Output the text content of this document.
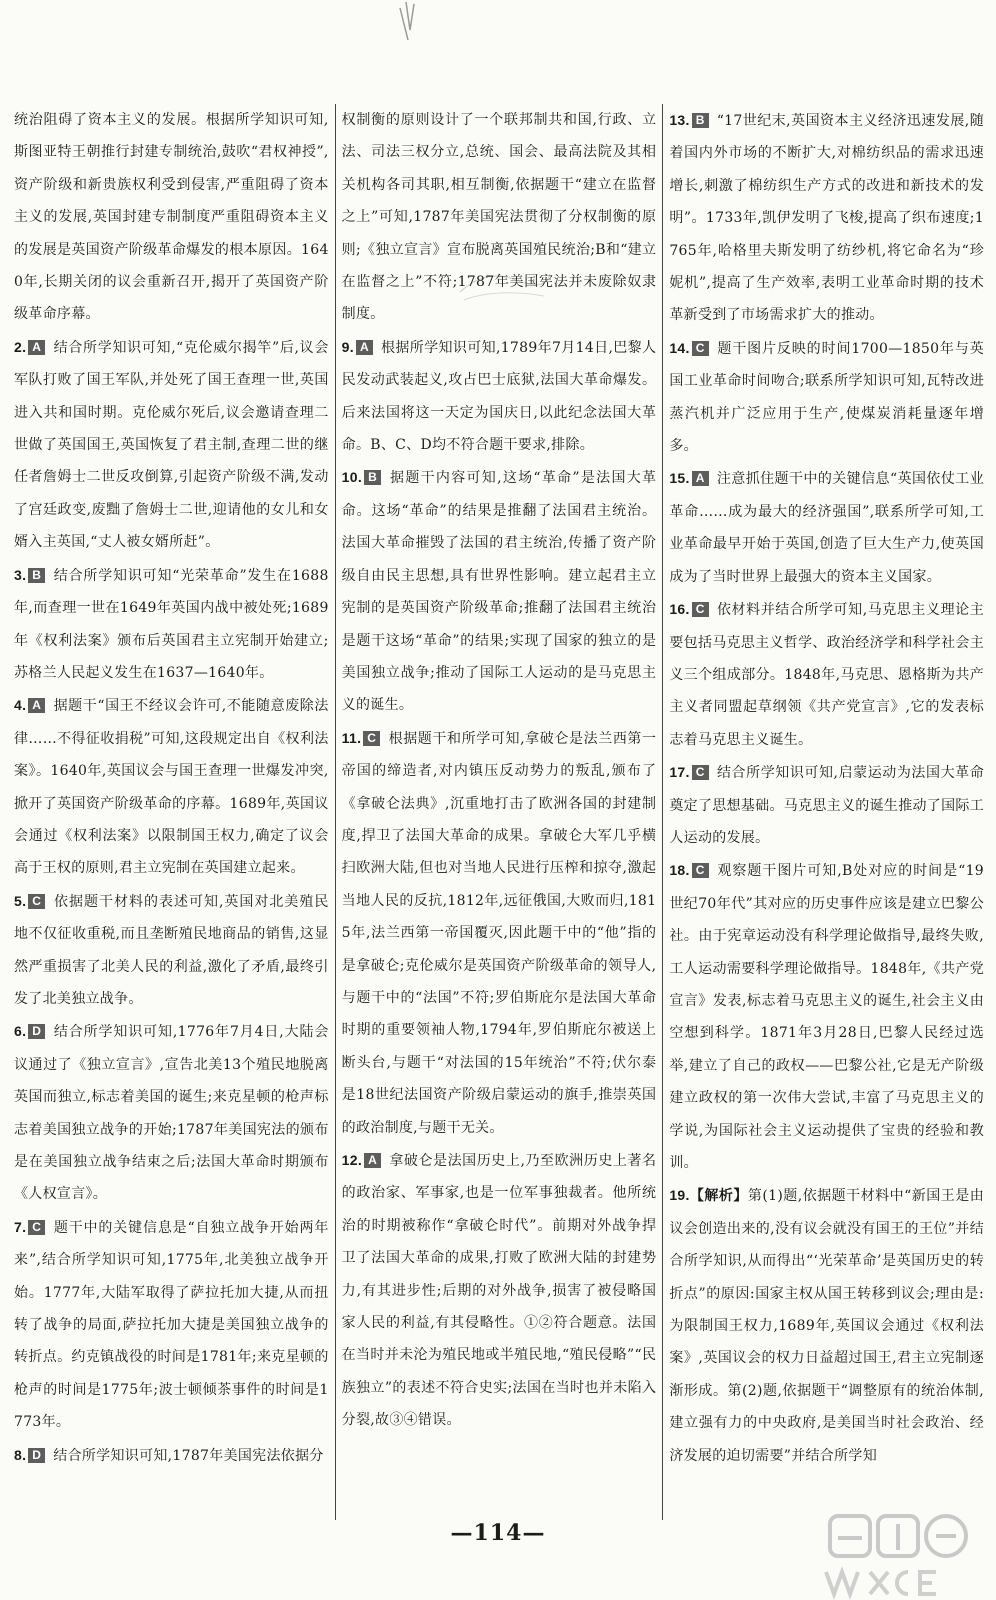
统治阻碍了资本主义的发展。根据所学知识可知,斯图亚特王朝推行封建专制统治,鼓吹“君权神授”,资产阶级和新贵族权利受到侵害,严重阻碍了资本主义的发展,英国封建专制制度严重阻碍资本主义的发展是英国资产阶级革命爆发的根本原因。1640年,长期关闭的议会重新召开,揭开了英国资产阶级革命序幕。
2. A 结合所学知识可知,“克伦威尔揭竿”后,议会军队打败了国王军队,并处死了国王查理一世,英国进入共和国时期。克伦威尔死后,议会邀请查理二世做了英国国王,英国恢复了君主制,查理二世的继任者詹姆士二世反攻倒算,引起资产阶级不满,发动了宫廷政变,废黜了詹姆士二世,迎请他的女儿和女婿入主英国,“丈人被女婿所赶”。
3. B 结合所学知识可知“光荣革命”发生在1688年,而查理一世在1649年英国内战中被处死;1689年《权利法案》颁布后英国君主立宪制开始建立;苏格兰人民起义发生在1637—1640年。
4. A 据题干“国王不经议会许可,不能随意废除法律……不得征收捐税”可知,这段规定出自《权利法案》。1640年,英国议会与国王查理一世爆发冲突,掀开了英国资产阶级革命的序幕。1689年,英国议会通过《权利法案》以限制国王权力,确定了议会高于王权的原则,君主立宪制在英国建立起来。
5. C 依据题干材料的表述可知,英国对北美殖民地不仅征收重税,而且垄断殖民地商品的销售,这显然严重损害了北美人民的利益,激化了矛盾,最终引发了北美独立战争。
6. D 结合所学知识可知,1776年7月4日,大陆会议通过了《独立宣言》,宣告北美13个殖民地脱离英国而独立,标志着美国的诞生;来克星顿的枪声标志着美国独立战争的开始;1787年美国宪法的颁布是在美国独立战争结束之后;法国大革命时期颁布《人权宣言》。
7. C 题干中的关键信息是“自独立战争开始两年来”,结合所学知识可知,1775年,北美独立战争开始。1777年,大陆军取得了萨拉托加大捷,从而扭转了战争的局面,萨拉托加大捷是美国独立战争的转折点。约克镇战役的时间是1781年;来克星顿的枪声的时间是1775年;波士顿倾茶事件的时间是1773年。
8. D 结合所学知识可知,1787年美国宪法依据分
权制衡的原则设计了一个联邦制共和国,行政、立法、司法三权分立,总统、国会、最高法院及其相关机构各司其职,相互制衡,依据题干“建立在监督之上”可知,1787年美国宪法贯彻了分权制衡的原则;《独立宣言》宣布脱离英国殖民统治;B和“建立在监督之上”不符;1787年美国宪法并未废除奴隶制度。
9. A 根据所学知识可知,1789年7月14日,巴黎人民发动武装起义,攻占巴士底狱,法国大革命爆发。后来法国将这一天定为国庆日,以此纪念法国大革命。B、C、D均不符合题干要求,排除。
10. B 据题干内容可知,这场“革命”是法国大革命。这场“革命”的结果是推翻了法国君主统治。法国大革命摧毁了法国的君主统治,传播了资产阶级自由民主思想,具有世界性影响。建立起君主立宪制的是英国资产阶级革命;推翻了法国君主统治是题干这场“革命”的结果;实现了国家的独立的是美国独立战争;推动了国际工人运动的是马克思主义的诞生。
11. C 根据题干和所学可知,拿破仑是法兰西第一帝国的缔造者,对内镇压反动势力的叛乱,颁布了《拿破仑法典》,沉重地打击了欧洲各国的封建制度,捍卫了法国大革命的成果。拿破仑大军几乎横扫欧洲大陆,但也对当地人民进行压榨和掠夺,激起当地人民的反抗,1812年,远征俄国,大败而归,1815年,法兰西第一帝国覆灭,因此题干中的“他”指的是拿破仑;克伦威尔是英国资产阶级革命的领导人,与题干中的“法国”不符;罗伯斯庇尔是法国大革命时期的重要领袖人物,1794年,罗伯斯庇尔被送上断头台,与题干“对法国的15年统治”不符;伏尔泰是18世纪法国资产阶级启蒙运动的旗手,推崇英国的政治制度,与题干无关。
12. A 拿破仑是法国历史上,乃至欧洲历史上著名的政治家、军事家,也是一位军事独裁者。他所统治的时期被称作“拿破仑时代”。前期对外战争捍卫了法国大革命的成果,打败了欧洲大陆的封建势力,有其进步性;后期的对外战争,损害了被侵略国家人民的利益,有其侵略性。①②符合题意。法国在当时并未沦为殖民地或半殖民地,“殖民侵略”“民族独立”的表述不符合史实;法国在当时也并未陷入分裂,故③④错误。
13. B “17世纪末,英国资本主义经济迅速发展,随着国内外市场的不断扩大,对棉纺织品的需求迅速增长,刺激了棉纺织生产方式的改进和新技术的发明”。1733年,凯伊发明了飞梭,提高了织布速度;1765年,哈格里夫斯发明了纺纱机,将它命名为“珍妮机”,提高了生产效率,表明工业革命时期的技术革新受到了市场需求扩大的推动。
14. C 题干图片反映的时间1700—1850年与英国工业革命时间吻合;联系所学知识可知,瓦特改进蒸汽机并广泛应用于生产,使煤炭消耗量逐年增多。
15. A 注意抓住题干中的关键信息“英国依仗工业革命……成为最大的经济强国”,联系所学可知,工业革命最早开始于英国,创造了巨大生产力,使英国成为了当时世界上最强大的资本主义国家。
16. C 依材料并结合所学可知,马克思主义理论主要包括马克思主义哲学、政治经济学和科学社会主义三个组成部分。1848年,马克思、恩格斯为共产主义者同盟起草纲领《共产党宣言》,它的发表标志着马克思主义诞生。
17. C 结合所学知识可知,启蒙运动为法国大革命奠定了思想基础。马克思主义的诞生推动了国际工人运动的发展。
18. C 观察题干图片可知,B处对应的时间是“19世纪70年代”其对应的历史事件应该是建立巴黎公社。由于宪章运动没有科学理论做指导,最终失败,工人运动需要科学理论做指导。1848年,《共产党宣言》发表,标志着马克思主义的诞生,社会主义由空想到科学。1871年3月28日,巴黎人民经过选举,建立了自己的政权——巴黎公社,它是无产阶级建立政权的第一次伟大尝试,丰富了马克思主义的学说,为国际社会主义运动提供了宝贵的经验和教训。
19.【解析】第(1)题,依据题干材料中“新国王是由议会创造出来的,没有议会就没有国王的王位”并结合所学知识,从而得出“‘光荣革命’是英国历史的转折点”的原因:国家主权从国王转移到议会;理由是:为限制国王权力,1689年,英国议会通过《权利法案》,英国议会的权力日益超过国王,君主立宪制逐渐形成。第(2)题,依据题干“调整原有的统治体制,建立强有力的中央政府,是美国当时社会政治、经济发展的迫切需要”并结合所学知
—114—
